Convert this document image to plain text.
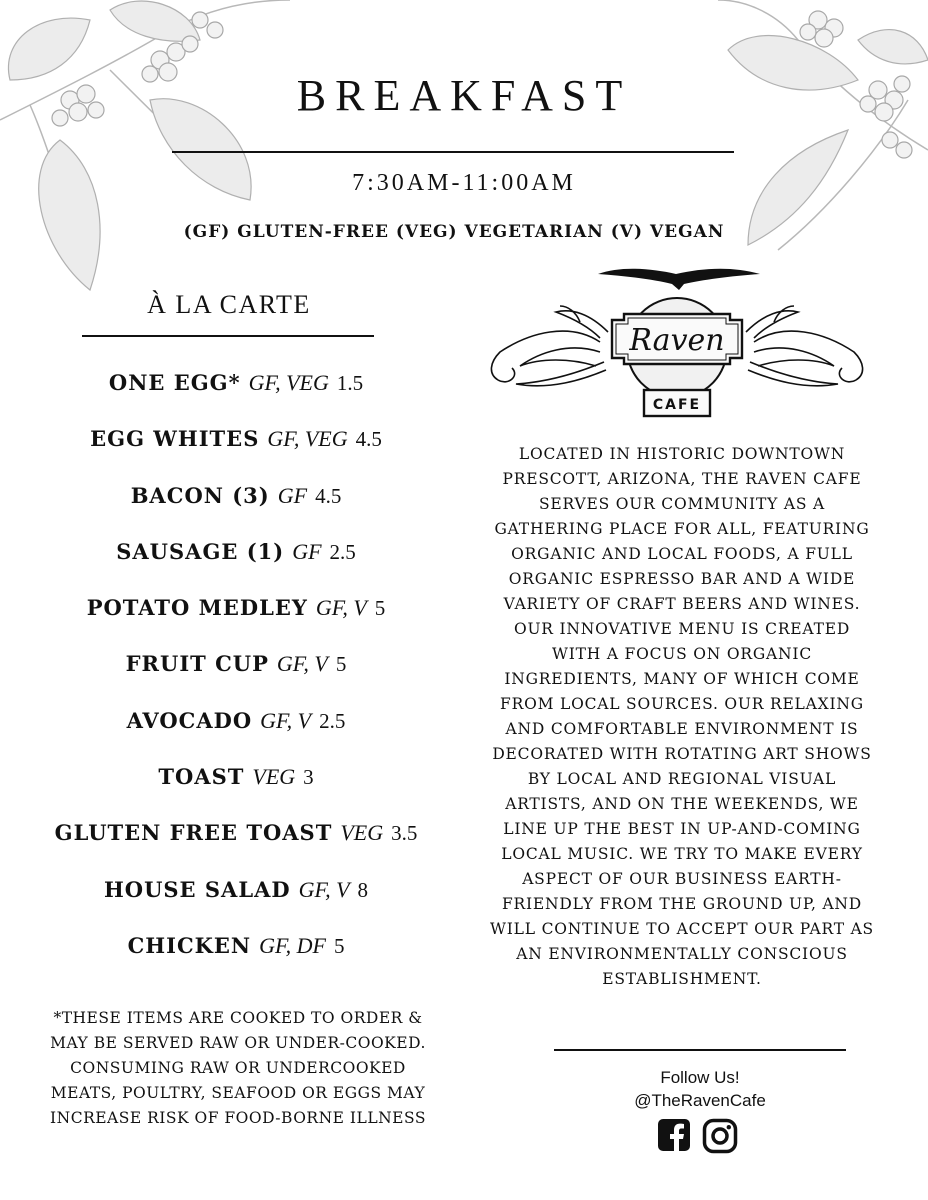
BREAKFAST
7:30AM-11:00AM
(GF) GLUTEN-FREE (VEG) VEGETARIAN (V) VEGAN
À LA CARTE
ONE EGG* GF, VEG 1.5
EGG WHITES GF, VEG 4.5
BACON (3) GF 4.5
SAUSAGE (1) GF 2.5
POTATO MEDLEY GF, V 5
FRUIT CUP GF, V 5
AVOCADO GF, V 2.5
TOAST VEG 3
GLUTEN FREE TOAST VEG 3.5
HOUSE SALAD GF, V 8
CHICKEN GF, DF 5
*THESE ITEMS ARE COOKED TO ORDER & MAY BE SERVED RAW OR UNDER-COOKED. CONSUMING RAW OR UNDERCOOKED MEATS, POULTRY, SEAFOOD OR EGGS MAY INCREASE RISK OF FOOD-BORNE ILLNESS
Raven
CAFE
LOCATED IN HISTORIC DOWNTOWN PRESCOTT, ARIZONA, THE RAVEN CAFE SERVES OUR COMMUNITY AS A GATHERING PLACE FOR ALL, FEATURING ORGANIC AND LOCAL FOODS, A FULL ORGANIC ESPRESSO BAR AND A WIDE VARIETY OF CRAFT BEERS AND WINES. OUR INNOVATIVE MENU IS CREATED WITH A FOCUS ON ORGANIC INGREDIENTS, MANY OF WHICH COME FROM LOCAL SOURCES. OUR RELAXING AND COMFORTABLE ENVIRONMENT IS DECORATED WITH ROTATING ART SHOWS BY LOCAL AND REGIONAL VISUAL ARTISTS, AND ON THE WEEKENDS, WE LINE UP THE BEST IN UP-AND-COMING LOCAL MUSIC. WE TRY TO MAKE EVERY ASPECT OF OUR BUSINESS EARTH-FRIENDLY FROM THE GROUND UP, AND WILL CONTINUE TO ACCEPT OUR PART AS AN ENVIRONMENTALLY CONSCIOUS ESTABLISHMENT.
Follow Us!
@TheRavenCafe
